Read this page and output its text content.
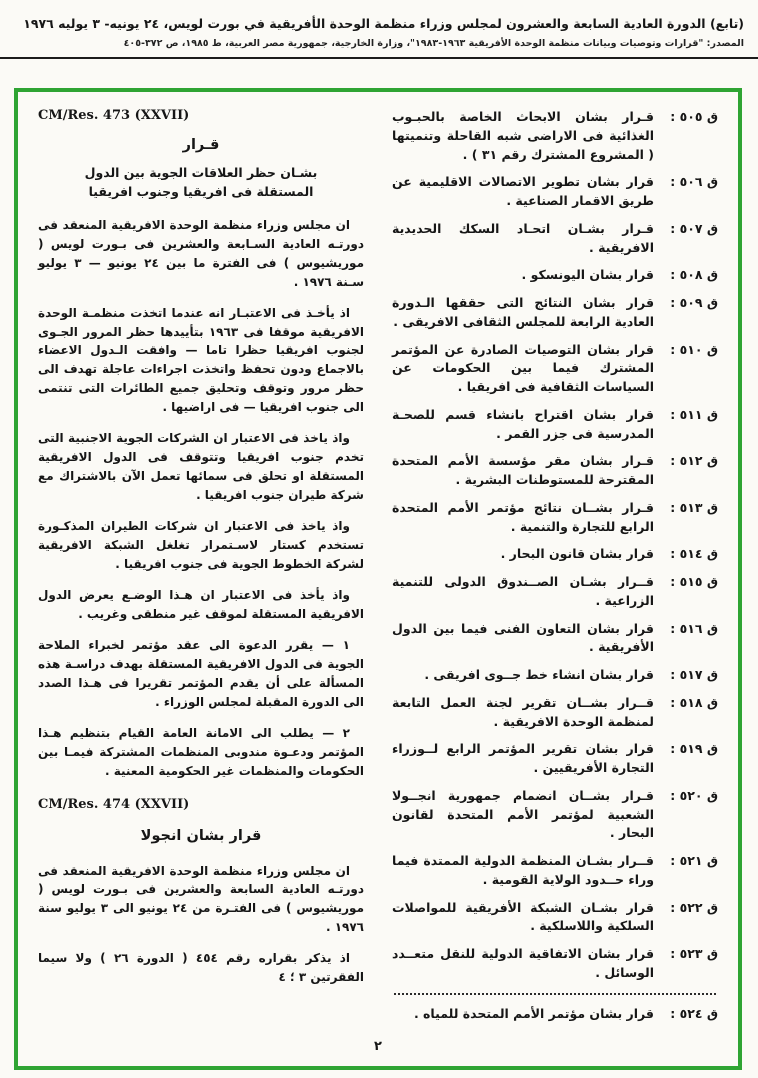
(تابع) الدورة العادية السابعة والعشرون لمجلس وزراء منظمة الوحدة الأفريقية في بورت لويس، ٢٤ يونيه- ٣ يوليه ١٩٧٦
المصدر: "قرارات وتوصيات وبيانات منظمة الوحدة الأفريقية ١٩٦٣-١٩٨٣"، وزارة الخارجية، جمهورية مصر العربية، ط ١٩٨٥، ص ٣٧٢-٤٠٥
ق ٥٠٥ :
قـرار بشان الابحاث الخاصة بالحبـوب الغذائية فى الاراضى شبه القاحلة وتنميتها ( المشروع المشترك رقم ٣١ ) .
ق ٥٠٦ :
قرار بشان تطوير الاتصالات الاقليمية عن طريق الاقمار الصناعية .
ق ٥٠٧ :
قـرار بشـان اتحـاد السكك الحديدية الافريقية .
ق ٥٠٨ :
قرار بشان اليونسكو .
ق ٥٠٩ :
قرار بشان النتائج التى حققها الـدورة العادية الرابعة للمجلس الثقافى الافريقى .
ق ٥١٠ :
قرار بشان التوصيات الصادرة عن المؤتمر المشترك فيما بين الحكومات عن السياسات الثقافية فى افريقيا .
ق ٥١١ :
قرار بشان اقتراح بانشاء قسم للصحـة المدرسية فى جزر القمر .
ق ٥١٢ :
قـرار بشان مقر مؤسسة الأمم المتحدة المقترحة للمستوطنات البشرية .
ق ٥١٣ :
قـرار بشــان نتائج مؤتمر الأمم المتحدة الرابع للتجارة والتنمية .
ق ٥١٤ :
قرار بشان قانون البحار .
ق ٥١٥ :
قــرار بشـان الصــندوق الدولى للتنمية الزراعية .
ق ٥١٦ :
قرار بشان التعاون الفنى فيما بين الدول الأفريقية .
ق ٥١٧ :
قرار بشان انشاء خط جــوى افريقى .
ق ٥١٨ :
قــرار بشــان تقرير لجنة العمل التابعة لمنظمة الوحدة الافريقية .
ق ٥١٩ :
قرار بشان تقرير المؤتمر الرابع لــوزراء التجارة الأفريقيين .
ق ٥٢٠ :
قـرار بشــان انضمام جمهورية انجــولا الشعبية لمؤتمر الأمم المتحدة لقانون البحار .
ق ٥٢١ :
قــرار بشـان المنظمة الدولية الممتدة فيما وراء حــدود الولاية القومية .
ق ٥٢٢ :
قرار بشـان الشبكة الأفريقية للمواصلات السلكية واللاسلكية .
ق ٥٢٣ :
قرار بشان الاتفاقية الدولية للنقل متعــدد الوسائل .
ق ٥٢٤ :
قرار بشان مؤتمر الأمم المتحدة للمياه .
CM/Res. 473 (XXVII)
قـرار
بشـان حظر العلاقات الجوية بين الدول
المستقلة فى افريقيا وجنوب افريقيا

ان مجلس وزراء منظمة الوحدة الافريقية المنعقد فى دورتـه العادية السـابعة والعشرين فى بـورت لويس ( موريشيوس ) فى الفترة ما بين ٢٤ يونيو — ٣ يوليو سـنة ١٩٧٦ .

اذ يأخـذ فى الاعتبـار انه عندما اتخذت منظمـة الوحدة الافريقية موقفا فى ١٩٦٣ بتأييدها حظر المرور الجـوى لجنوب افريقيا حظرا تاما — وافقت الـدول الاعضاء بالاجماع ودون تحفظ واتخذت اجراءات عاجلة تهدف الى حظر مرور وتوقف وتحليق جميع الطائرات التى تنتمى الى جنوب افريقيا — فى اراضيها .

واذ ياخذ فى الاعتبار ان الشركات الجوية الاجنبية التى تخدم جنوب افريقيا وتتوقف فى الدول الافريقية المستقلة او تحلق فى سمائها تعمل الآن بالاشتراك مع شركة طيران جنوب افريقيا .

واذ ياخذ فى الاعتبار ان شركات الطيران المذكـورة تستخدم كستار لاسـتمرار تغلغل الشبكة الافريقية لشركة الخطوط الجوية فى جنوب افريقيا .

واذ يأخذ فى الاعتبار ان هـذا الوضـع يعرض الدول الافريقية المستقلة لموقف غير منطقى وغريب .

١ — يقرر الدعوة الى عقد مؤتمر لخبراء الملاحة الجوية فى الدول الافريقية المستقلة بهدف دراسـة هذه المسألة على أن يقدم المؤتمر تقريرا فى هـذا الصدد الى الدورة المقبلة لمجلس الوزراء .

٢ — يطلب الى الامانة العامة القيام بتنظيم هـذا المؤتمر ودعـوة مندوبى المنظمات المشتركة فيمـا بين الحكومات والمنظمات غير الحكومية المعنية .

CM/Res. 474 (XXVII)
قرار بشان انجولا

ان مجلس وزراء منظمة الوحدة الافريقية المنعقد فى دورتـه العادية السابعة والعشرين فى بـورت لويس ( موريشيوس ) فى الفتـرة من ٢٤ يونيو الى ٣ يوليو سنة ١٩٧٦ .

اذ يذكر بقراره رقم ٤٥٤ ( الدورة ٢٦ ) ولا سيما الفقرتين ٣ ؛ ٤

٢
